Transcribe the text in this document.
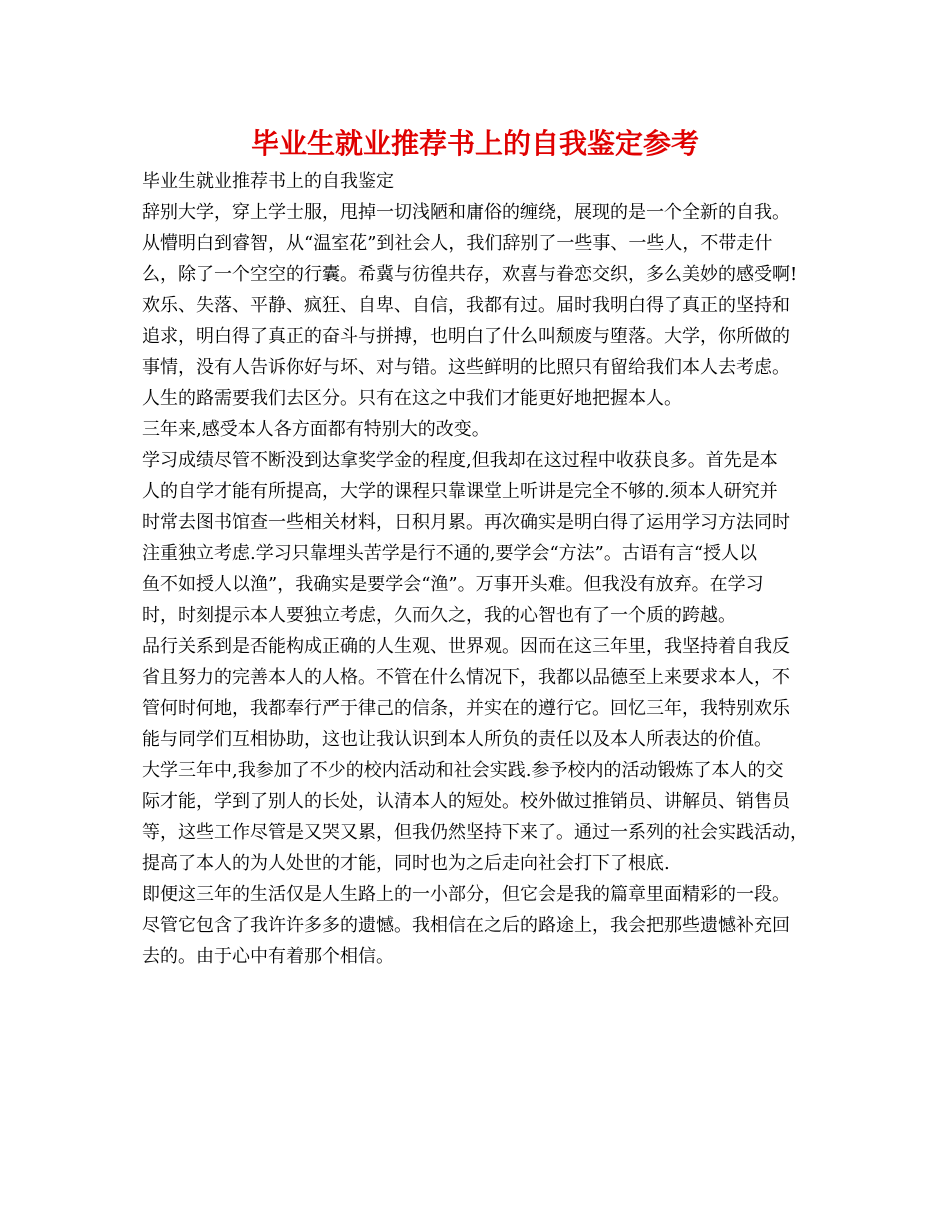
毕业生就业推荐书上的自我鉴定参考
毕业生就业推荐书上的自我鉴定
辞别大学，穿上学士服，甩掉一切浅陋和庸俗的缠绕，展现的是一个全新的自我。
从懵明白到睿智，从“温室花”到社会人，我们辞别了一些事、一些人，不带走什
么，除了一个空空的行囊。希冀与彷徨共存，欢喜与眷恋交织，多么美妙的感受啊!
欢乐、失落、平静、疯狂、自卑、自信，我都有过。届时我明白得了真正的坚持和
追求，明白得了真正的奋斗与拼搏，也明白了什么叫颓废与堕落。大学，你所做的
事情，没有人告诉你好与坏、对与错。这些鲜明的比照只有留给我们本人去考虑。
人生的路需要我们去区分。只有在这之中我们才能更好地把握本人。
三年来,感受本人各方面都有特别大的改变。
学习成绩尽管不断没到达拿奖学金的程度,但我却在这过程中收获良多。首先是本
人的自学才能有所提高，大学的课程只靠课堂上听讲是完全不够的.须本人研究并
时常去图书馆查一些相关材料，日积月累。再次确实是明白得了运用学习方法同时
注重独立考虑.学习只靠埋头苦学是行不通的,要学会“方法”。古语有言“授人以
鱼不如授人以渔”，我确实是要学会“渔”。万事开头难。但我没有放弃。在学习
时，时刻提示本人要独立考虑，久而久之，我的心智也有了一个质的跨越。
品行关系到是否能构成正确的人生观、世界观。因而在这三年里，我坚持着自我反
省且努力的完善本人的人格。不管在什么情况下，我都以品德至上来要求本人，不
管何时何地，我都奉行严于律己的信条，并实在的遵行它。回忆三年，我特别欢乐
能与同学们互相协助，这也让我认识到本人所负的责任以及本人所表达的价值。
大学三年中,我参加了不少的校内活动和社会实践.参予校内的活动锻炼了本人的交
际才能，学到了别人的长处，认清本人的短处。校外做过推销员、讲解员、销售员
等，这些工作尽管是又哭又累，但我仍然坚持下来了。通过一系列的社会实践活动，
提高了本人的为人处世的才能，同时也为之后走向社会打下了根底.
即便这三年的生活仅是人生路上的一小部分，但它会是我的篇章里面精彩的一段。
尽管它包含了我许许多多的遗憾。我相信在之后的路途上，我会把那些遗憾补充回
去的。由于心中有着那个相信。
